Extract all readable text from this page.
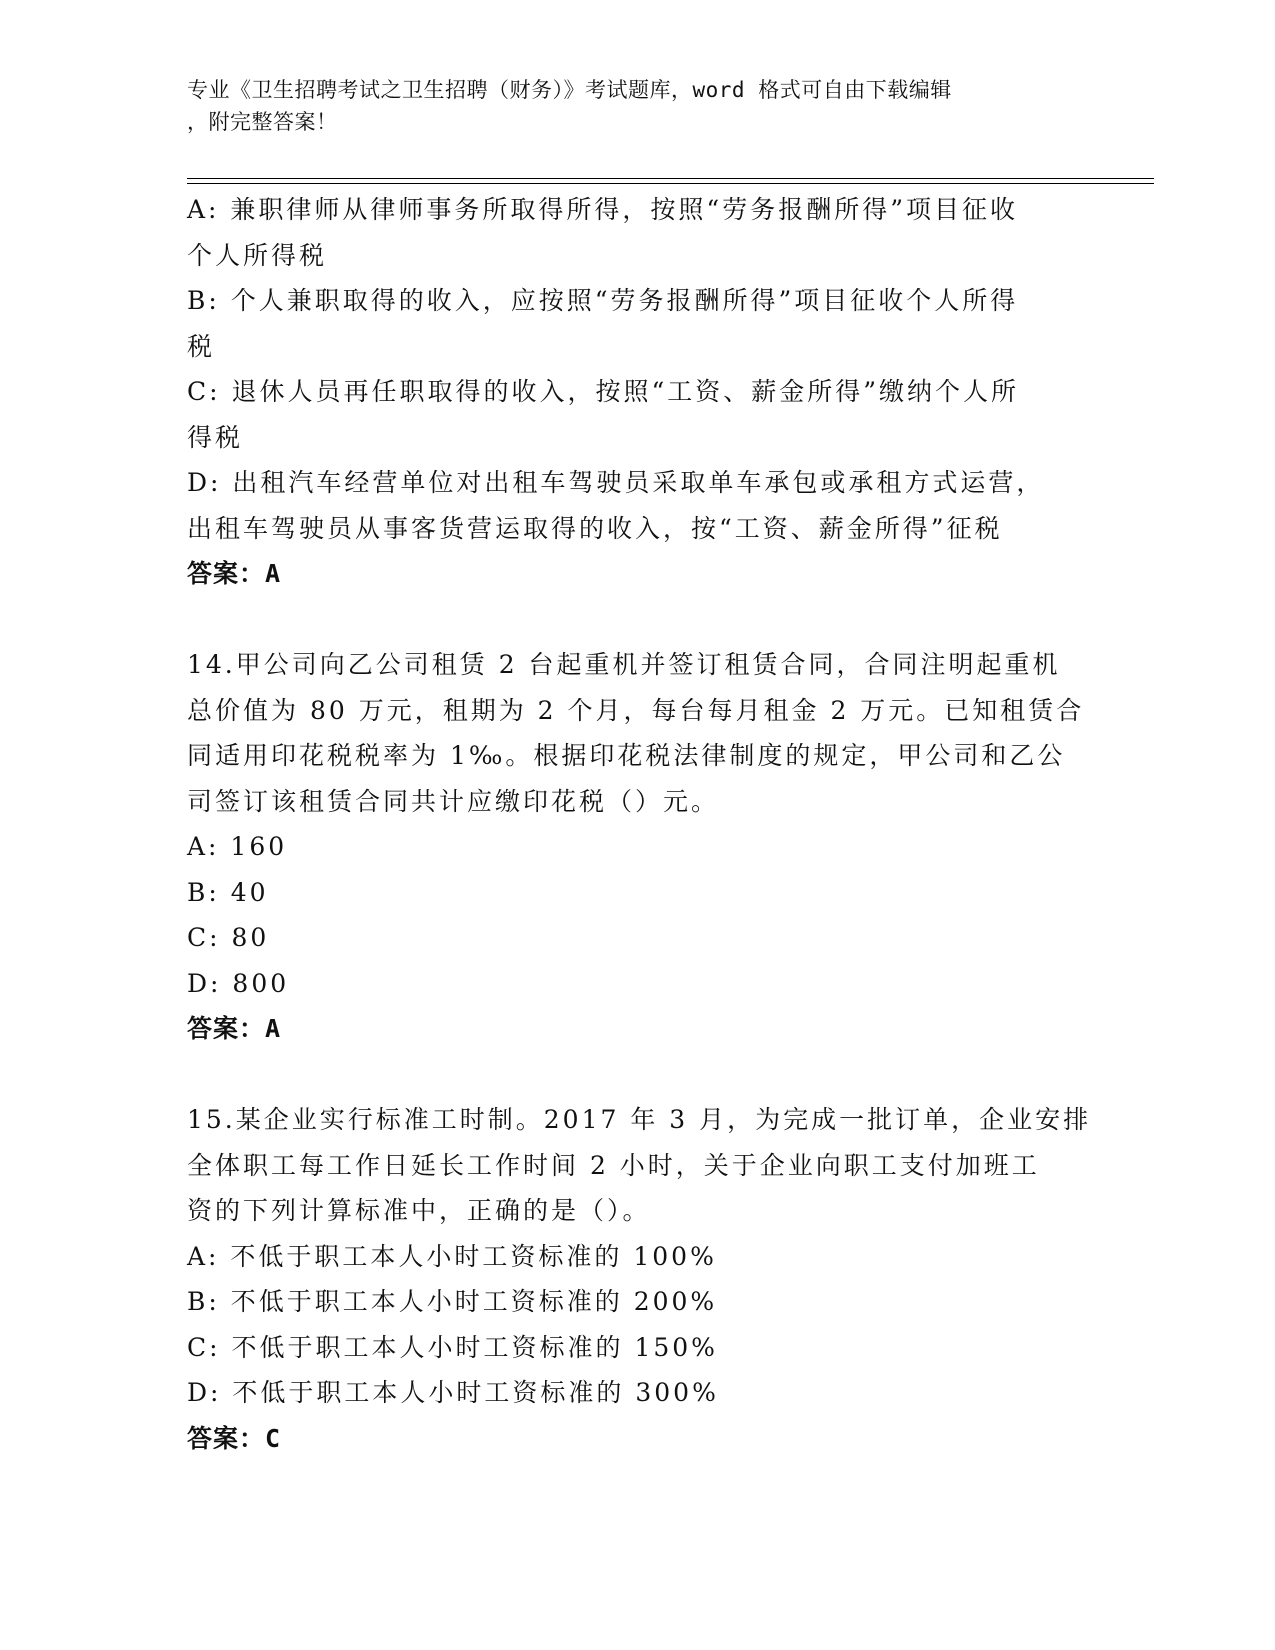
专业《卫生招聘考试之卫生招聘（财务）》考试题库，word 格式可自由下载编辑
，附完整答案！
A: 兼职律师从律师事务所取得所得，按照“劳务报酬所得”项目征收
个人所得税
B: 个人兼职取得的收入，应按照“劳务报酬所得”项目征收个人所得
税
C: 退休人员再任职取得的收入，按照“工资、薪金所得”缴纳个人所
得税
D: 出租汽车经营单位对出租车驾驶员采取单车承包或承租方式运营，
出租车驾驶员从事客货营运取得的收入，按“工资、薪金所得”征税
答案：A
14.甲公司向乙公司租赁 2 台起重机并签订租赁合同，合同注明起重机
总价值为 80 万元，租期为 2 个月，每台每月租金 2 万元。已知租赁合
同适用印花税税率为 1‰。根据印花税法律制度的规定，甲公司和乙公
司签订该租赁合同共计应缴印花税（）元。
A: 160
B: 40
C: 80
D: 800
答案：A
15.某企业实行标准工时制。2017 年 3 月，为完成一批订单，企业安排
全体职工每工作日延长工作时间 2 小时，关于企业向职工支付加班工
资的下列计算标准中，正确的是（）。
A: 不低于职工本人小时工资标准的 100%
B: 不低于职工本人小时工资标准的 200%
C: 不低于职工本人小时工资标准的 150%
D: 不低于职工本人小时工资标准的 300%
答案：C
